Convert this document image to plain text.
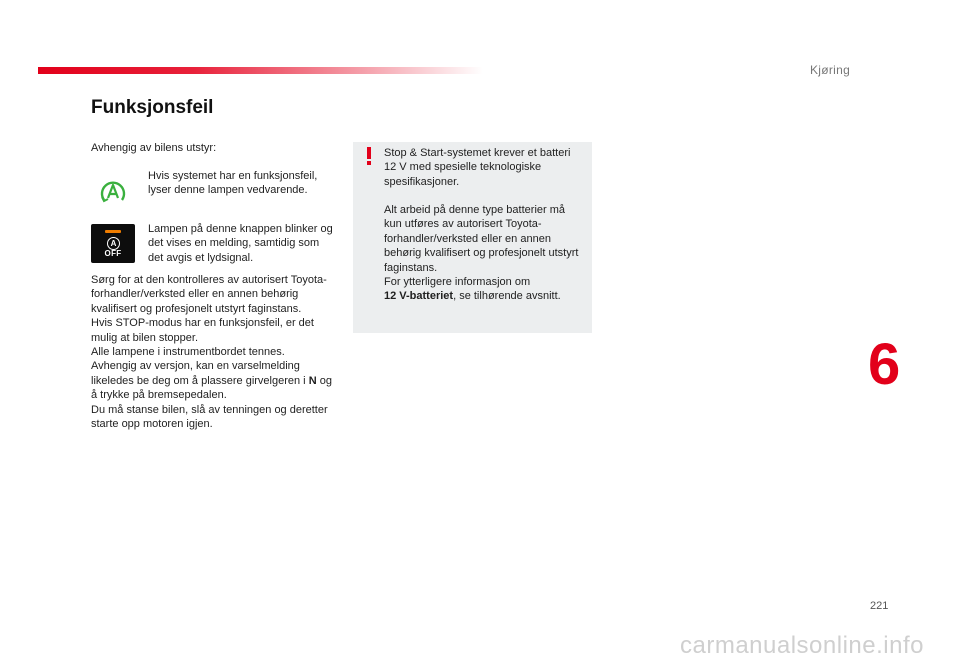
Kjøring
Funksjonsfeil
Avhengig av bilens utstyr:
Hvis systemet har en funksjonsfeil, lyser denne lampen vedvarende.
A
OFF
Lampen på denne knappen blinker og det vises en melding, samtidig som det avgis et lydsignal.
Sørg for at den kontrolleres av autorisert Toyota-forhandler/verksted eller en annen behørig kvalifisert og profesjonelt utstyrt faginstans.
Hvis STOP-modus har en funksjonsfeil, er det mulig at bilen stopper.
Alle lampene i instrumentbordet tennes.
Avhengig av versjon, kan en varselmelding likeledes be deg om å plassere girvelgeren i N og å trykke på bremsepedalen.
Du må stanse bilen, slå av tenningen og deretter starte opp motoren igjen.
Stop & Start-systemet krever et batteri 12 V med spesielle teknologiske spesifikasjoner.
Alt arbeid på denne type batterier må kun utføres av autorisert Toyota-forhandler/verksted eller en annen behørig kvalifisert og profesjonelt utstyrt faginstans.
For ytterligere informasjon om
12 V-batteriet, se tilhørende avsnitt.
6
221
carmanualsonline.info
